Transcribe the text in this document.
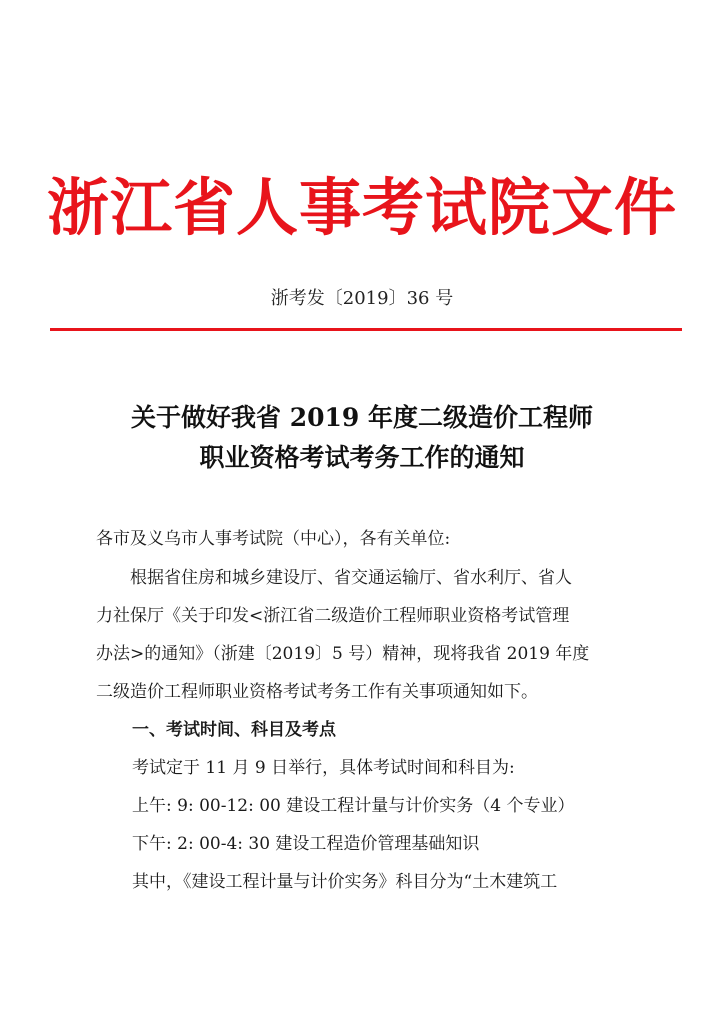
浙江省人事考试院文件
浙考发〔2019〕36 号
关于做好我省 2019 年度二级造价工程师
职业资格考试考务工作的通知
各市及义乌市人事考试院（中心），各有关单位:
根据省住房和城乡建设厅、省交通运输厅、省水利厅、省人
力社保厅《关于印发<浙江省二级造价工程师职业资格考试管理
办法>的通知》（浙建〔2019〕5 号）精神，现将我省 2019 年度
二级造价工程师职业资格考试考务工作有关事项通知如下。
一、考试时间、科目及考点
考试定于 11 月 9 日举行，具体考试时间和科目为:
上午: 9: 00-12: 00 建设工程计量与计价实务（4 个专业）
下午: 2: 00-4: 30 建设工程造价管理基础知识
其中，《建设工程计量与计价实务》科目分为“土木建筑工
